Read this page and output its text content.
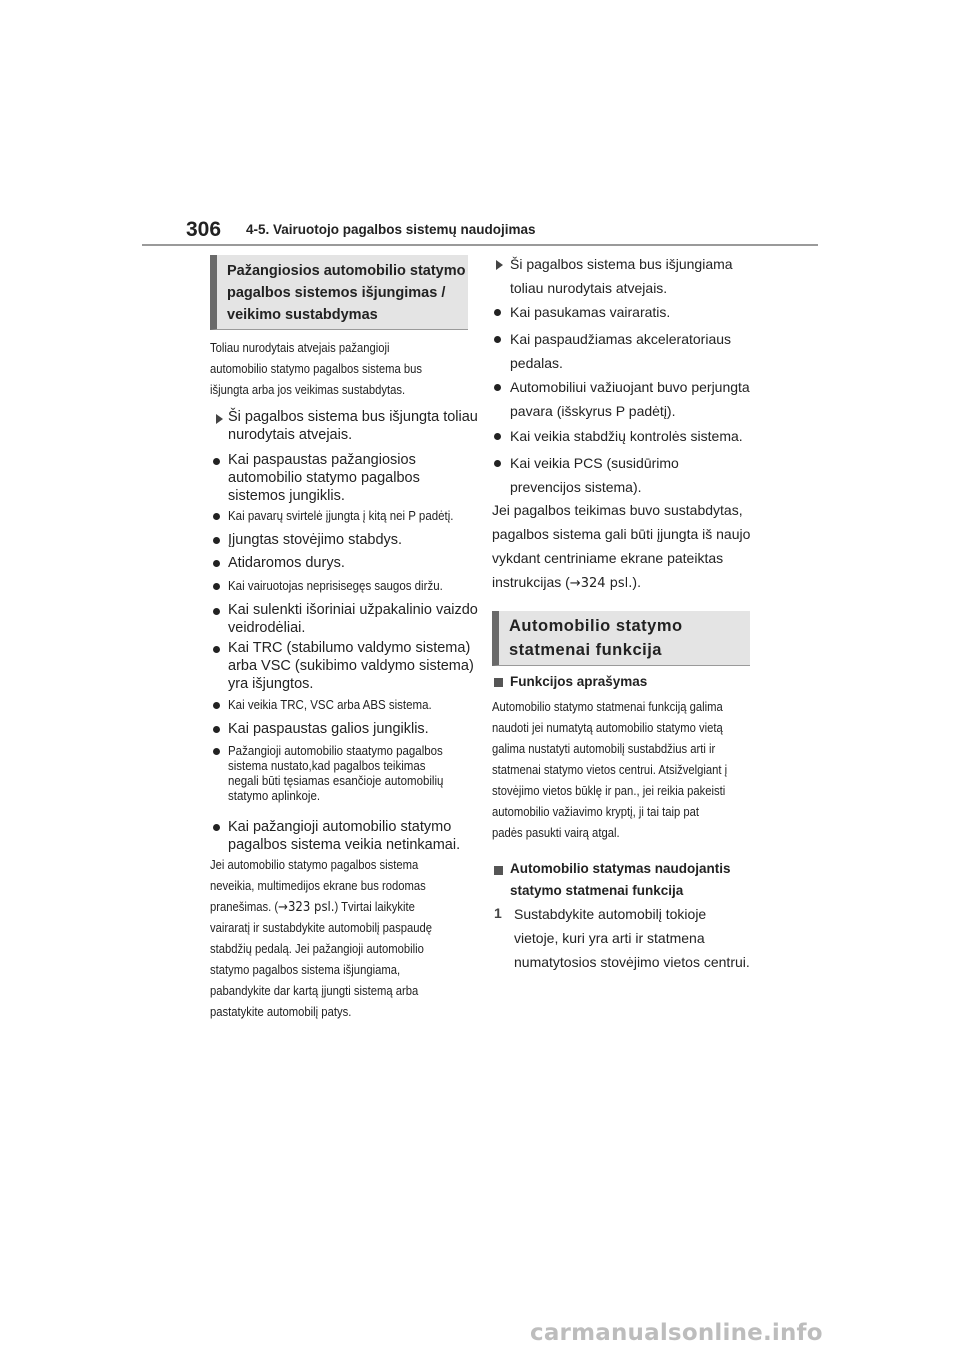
306 4-5. Vairuotojo pagalbos sistemų naudojimas
Pažangiosios automobilio statymo
pagalbos sistemos išjungimas /
veikimo sustabdymas
Toliau nurodytais atvejais pažangioji
automobilio statymo pagalbos sistema bus
išjungta arba jos veikimas sustabdytas.
Ši pagalbos sistema bus išjungta toliau
nurodytais atvejais.
Kai paspaustas pažangiosios
automobilio statymo pagalbos
sistemos jungiklis.
Kai pavarų svirtelė įjungta į kitą nei P padėtį.
Įjungtas stovėjimo stabdys.
Atidaromos durys.
Kai vairuotojas neprisisegęs saugos diržu.
Kai sulenkti išoriniai užpakalinio vaizdo
veidrodėliai.
Kai TRC (stabilumo valdymo sistema)
arba VSC (sukibimo valdymo sistema)
yra išjungtos.
Kai veikia TRC, VSC arba ABS sistema.
Kai paspaustas galios jungiklis.
Pažangioji automobilio staatymo pagalbos
sistema nustato,kad pagalbos teikimas
negali būti tęsiamas esančioje automobilių
statymo aplinkoje.
Kai pažangioji automobilio statymo
pagalbos sistema veikia netinkamai.
Jei automobilio statymo pagalbos sistema
neveikia, multimedijos ekrane bus rodomas
pranešimas. (→323 psl.) Tvirtai laikykite
vairaratį ir sustabdykite automobilį paspaudę
stabdžių pedalą. Jei pažangioji automobilio
statymo pagalbos sistema išjungiama,
pabandykite dar kartą įjungti sistemą arba
pastatykite automobilį patys.
Ši pagalbos sistema bus išjungiama
toliau nurodytais atvejais.
Kai pasukamas vairaratis.
Kai paspaudžiamas akceleratoriaus
pedalas.
Automobiliui važiuojant buvo perjungta
pavara (išskyrus P padėtį).
Kai veikia stabdžių kontrolės sistema.
Kai veikia PCS (susidūrimo
prevencijos sistema).
Jei pagalbos teikimas buvo sustabdytas,
pagalbos sistema gali būti įjungta iš naujo
vykdant centriniame ekrane pateiktas
instrukcijas (→324 psl.).
Automobilio statymo
statmenai funkcija
Funkcijos aprašymas
Automobilio statymo statmenai funkciją galima
naudoti jei numatytą automobilio statymo vietą
galima nustatyti automobilį sustabdžius arti ir
statmenai statymo vietos centrui. Atsižvelgiant į
stovėjimo vietos būklę ir pan., jei reikia pakeisti
automobilio važiavimo kryptį, ji tai taip pat
padės pasukti vairą atgal.
Automobilio statymas naudojantis
statymo statmenai funkcija
1 Sustabdykite automobilį tokioje
vietoje, kuri yra arti ir statmena
numatytosios stovėjimo vietos centrui.
carmanualsonline.info
